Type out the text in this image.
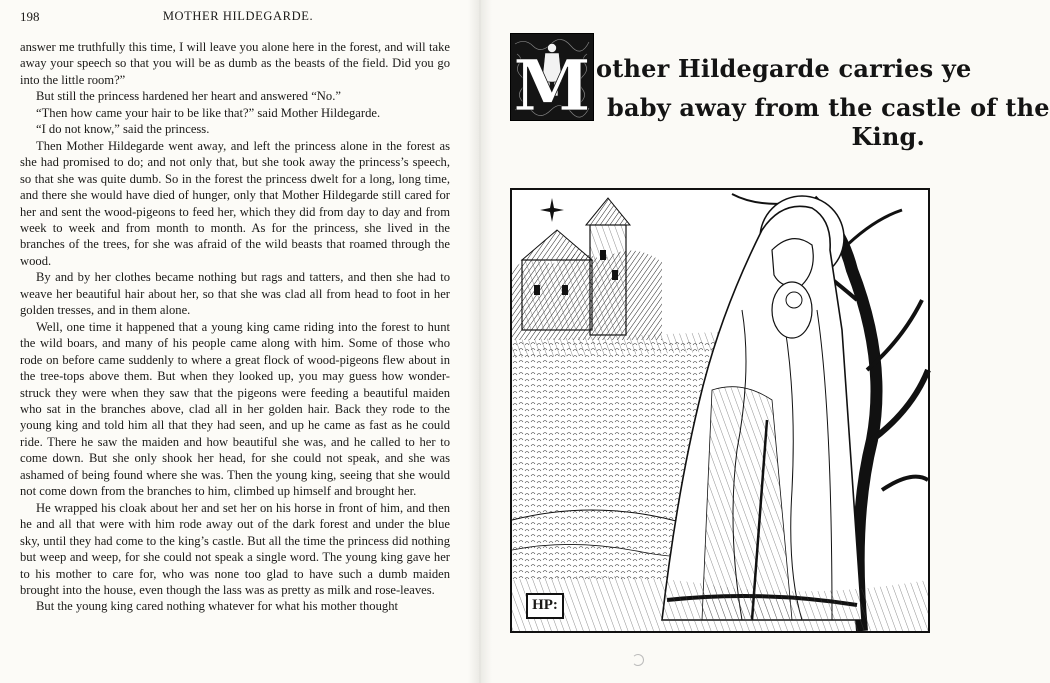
198	MOTHER HILDEGARDE.

answer me truthfully this time, I will leave you alone here in the forest, and will take away your speech so that you will be as dumb as the beasts of the field. Did you go into the little room?”

But still the princess hardened her heart and answered “No.”

“Then how came your hair to be like that?” said Mother Hildegarde.

“I do not know,” said the princess.

Then Mother Hildegarde went away, and left the princess alone in the forest as she had promised to do; and not only that, but she took away the princess’s speech, so that she was quite dumb. So in the forest the princess dwelt for a long, long time, and there she would have died of hunger, only that Mother Hildegarde still cared for her and sent the wood-pigeons to feed her, which they did from day to day and from week to week and from month to month. As for the princess, she lived in the branches of the trees, for she was afraid of the wild beasts that roamed through the wood.

By and by her clothes became nothing but rags and tatters, and then she had to weave her beautiful hair about her, so that she was clad all from head to foot in her golden tresses, and in them alone.

Well, one time it happened that a young king came riding into the forest to hunt the wild boars, and many of his people came along with him. Some of those who rode on before came suddenly to where a great flock of wood-pigeons flew about in the tree-tops above them. But when they looked up, you may guess how wonder-struck they were when they saw that the pigeons were feeding a beautiful maiden who sat in the branches above, clad all in her golden hair. Back they rode to the young king and told him all that they had seen, and up he came as fast as he could ride. There he saw the maiden and how beautiful she was, and he called to her to come down. But she only shook her head, for she could not speak, and she was ashamed of being found where she was. Then the young king, seeing that she would not come down from the branches to him, climbed up himself and brought her.

He wrapped his cloak about her and set her on his horse in front of him, and then he and all that were with him rode away out of the dark forest and under the blue sky, until they had come to the king’s castle. But all the time the princess did nothing but weep and weep, for she could not speak a single word. The young king gave her to his mother to care for, who was none too glad to have such a dumb maiden brought into the house, even though the lass was as pretty as milk and rose-leaves.

But the young king cared nothing whatever for what his mother thought

M other Hildegarde carries ye
baby away from the castle of the
King.
HP:
